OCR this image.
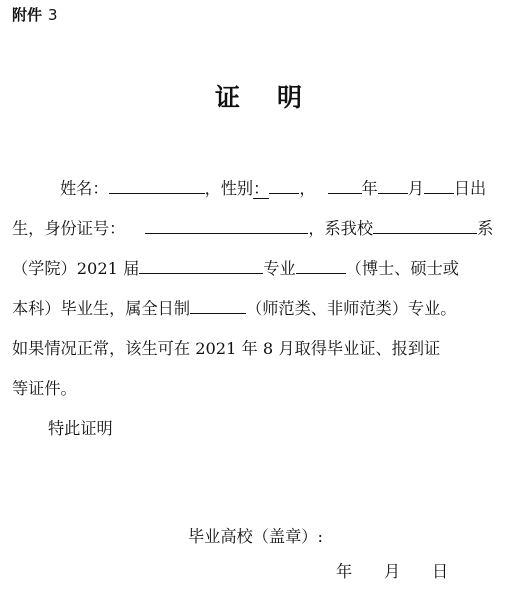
附件 3
证 明
姓名：	，性别： ，	年 月 日出
生，身份证号：	，系我校	系
（学院）2021 届	专业	（博士、硕士或
本科）毕业生，属全日制	（师范类、非师范类）专业。
如果情况正常，该生可在 2021 年 8 月取得毕业证、报到证
等证件。
特此证明
毕业高校（盖章）:
年 月 日
